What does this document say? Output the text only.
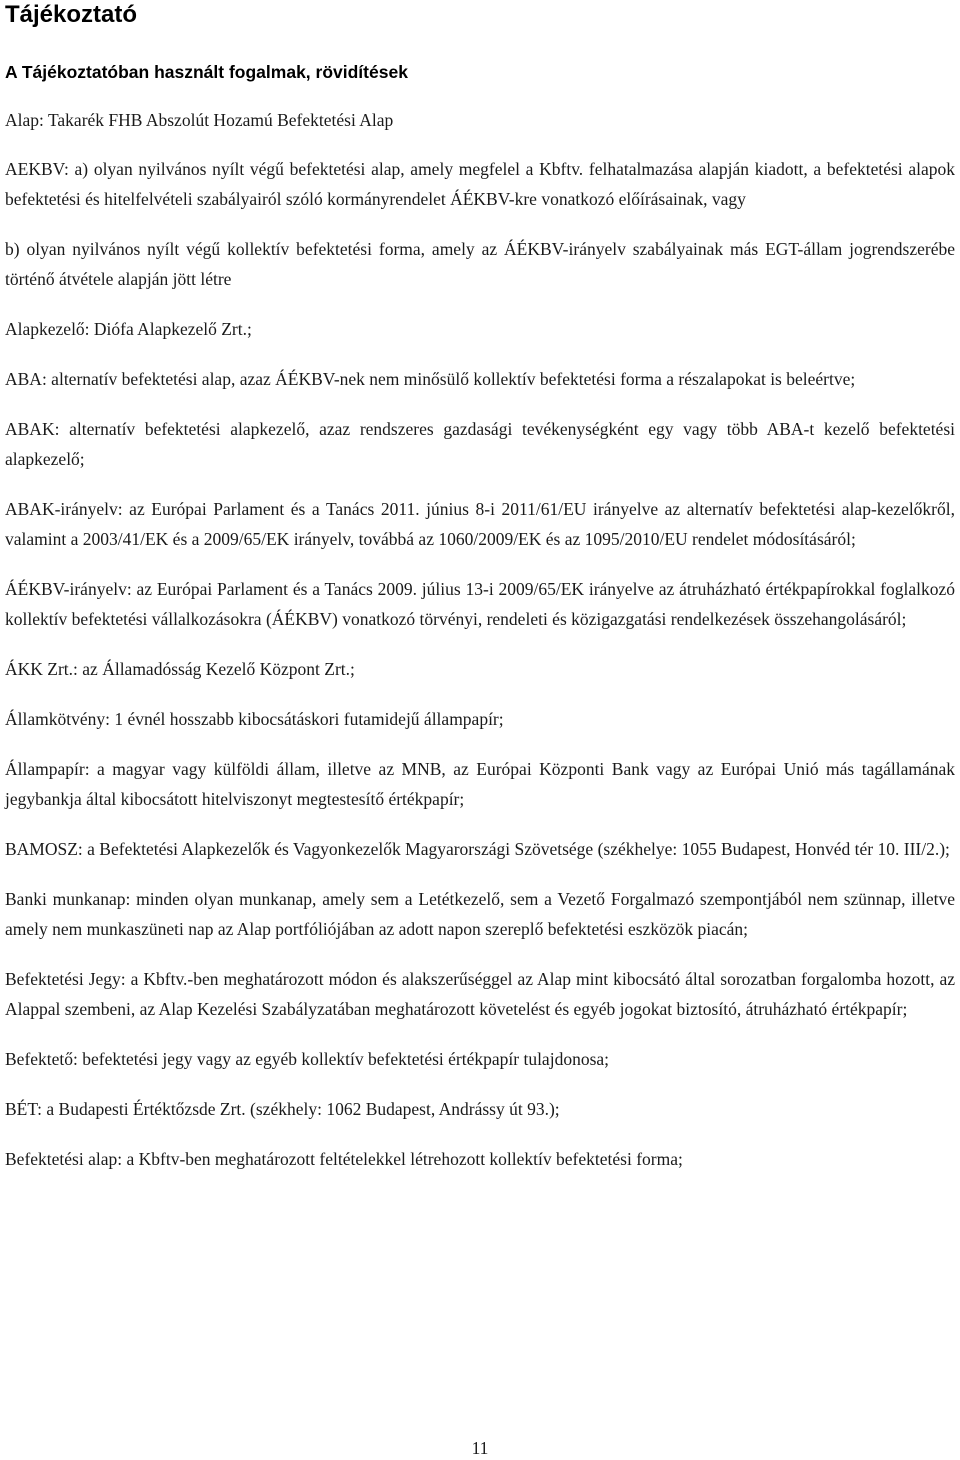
Tájékoztató
A Tájékoztatóban használt fogalmak, rövidítések

Alap: Takarék FHB Abszolút Hozamú Befektetési Alap

AEKBV: a) olyan nyilvános nyílt végű befektetési alap, amely megfelel a Kbftv. felhatalmazása alapján kiadott, a befektetési alapok befektetési és hitelfelvételi szabályairól szóló kormányrendelet ÁÉKBV-kre vonatkozó előírásainak, vagy

b) olyan nyilvános nyílt végű kollektív befektetési forma, amely az ÁÉKBV-irányelv szabályainak más EGT-állam jogrendszerébe történő átvétele alapján jött létre

Alapkezelő: Diófa Alapkezelő Zrt.;

ABA: alternatív befektetési alap, azaz ÁÉKBV-nek nem minősülő kollektív befektetési forma a részalapokat is beleértve;

ABAK: alternatív befektetési alapkezelő, azaz rendszeres gazdasági tevékenységként egy vagy több ABA-t kezelő befektetési alapkezelő;

ABAK-irányelv: az Európai Parlament és a Tanács 2011. június 8-i 2011/61/EU irányelve az alternatív befektetési alap-kezelőkről, valamint a 2003/41/EK és a 2009/65/EK irányelv, továbbá az 1060/2009/EK és az 1095/2010/EU rendelet módosításáról;

ÁÉKBV-irányelv: az Európai Parlament és a Tanács 2009. július 13-i 2009/65/EK irányelve az átruházható értékpapírokkal foglalkozó kollektív befektetési vállalkozásokra (ÁÉKBV) vonatkozó törvényi, rendeleti és közigazgatási rendelkezések összehangolásáról;

ÁKK Zrt.: az Államadósság Kezelő Központ Zrt.;

Államkötvény: 1 évnél hosszabb kibocsátáskori futamidejű állampapír;

Állampapír: a magyar vagy külföldi állam, illetve az MNB, az Európai Központi Bank vagy az Európai Unió más tagállamának jegybankja által kibocsátott hitelviszonyt megtestesítő értékpapír;

BAMOSZ: a Befektetési Alapkezelők és Vagyonkezelők Magyarországi Szövetsége (székhelye: 1055 Budapest, Honvéd tér 10. III/2.);

Banki munkanap: minden olyan munkanap, amely sem a Letétkezelő, sem a Vezető Forgalmazó szempontjából nem szünnap, illetve amely nem munkaszüneti nap az Alap portfóliójában az adott napon szereplő befektetési eszközök piacán;

Befektetési Jegy: a Kbftv.-ben meghatározott módon és alakszerűséggel az Alap mint kibocsátó által sorozatban forgalomba hozott, az Alappal szembeni, az Alap Kezelési Szabályzatában meghatározott követelést és egyéb jogokat biztosító, átruházható értékpapír;

Befektető: befektetési jegy vagy az egyéb kollektív befektetési értékpapír tulajdonosa;

BÉT: a Budapesti Értéktőzsde Zrt. (székhely: 1062 Budapest, Andrássy út 93.);

Befektetési alap: a Kbftv-ben meghatározott feltételekkel létrehozott kollektív befektetési forma;

11
